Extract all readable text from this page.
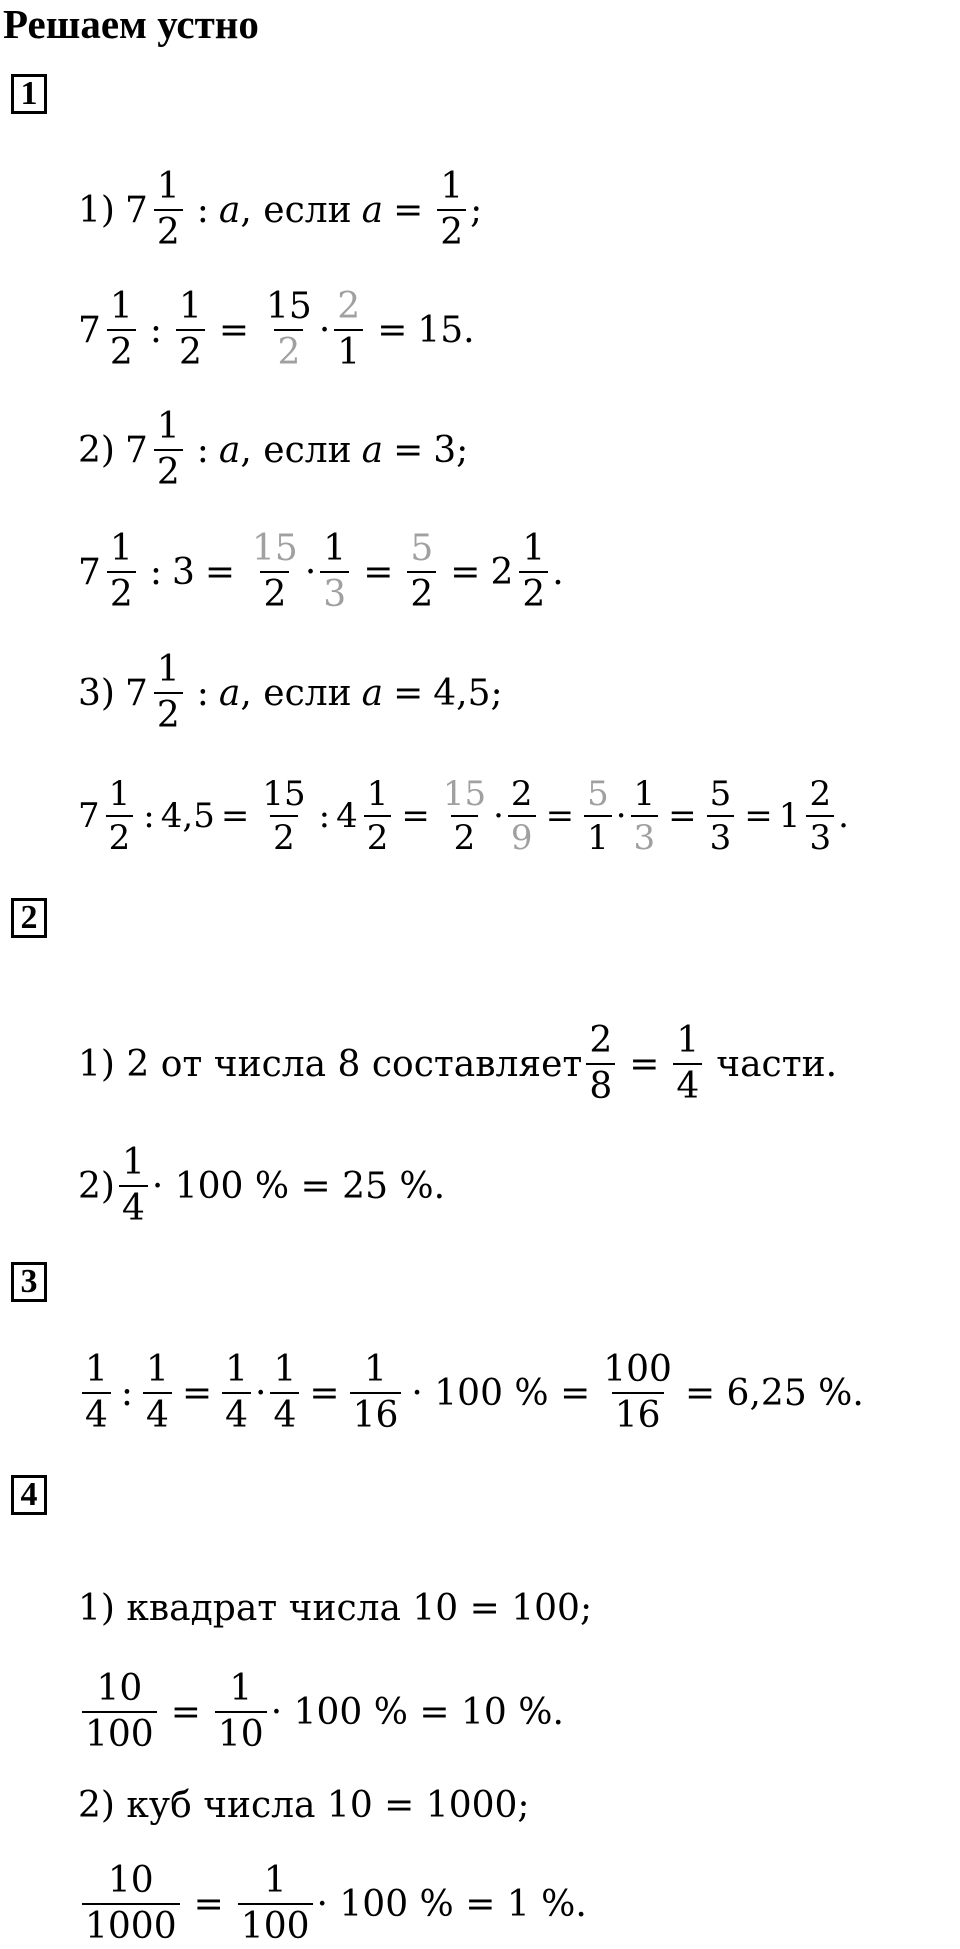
Решаем устно
1
1) $7 \frac{1}{2}$ : a , если $a = \frac{1}{2}$ ;
$7 \frac{1}{2}$ : $\frac{1}{2} = \frac{15}{2} \cdot \frac{2}{1} = 15$.
2) $7 \frac{1}{2}$ : a , если a = 3;
$7 \frac{1}{2}$ : $3 = \frac{15}{2} \cdot \frac{1}{3} = \frac{5}{2} = 2 \frac{1}{2}$ .
3) $7 \frac{1}{2}$ : a , если a = 4,5;
$7 \frac{1}{2}$ : $4,5 = \frac{15}{2}$ : $4 \frac{1}{2} = \frac{15}{2} \cdot \frac{2}{9} = \frac{5}{1} \cdot \frac{1}{3} = \frac{5}{3} = 1 \frac{2}{3}$ .
2
1) 2 от числа 8 составляет $\frac{2}{8} = \frac{1}{4}$ части.
$2) \frac{1}{4} \cdot 100$ % = 25 %.
3
$\frac{1}{4}$ : $\frac{1}{4} = \frac{1}{4} \cdot \frac{1}{4} = \frac{1}{16} \cdot 100$ % = $\frac{100}{16} = 6,25$ %.
4
1) квадрат числа 10 = 100;
$\frac{10}{100} = \frac{1}{10} \cdot 100$ % = 10 %.
2) куб числа 10 = 1000;
$\frac{10}{1000} = \frac{1}{100} \cdot 100$ % = 1 %.
